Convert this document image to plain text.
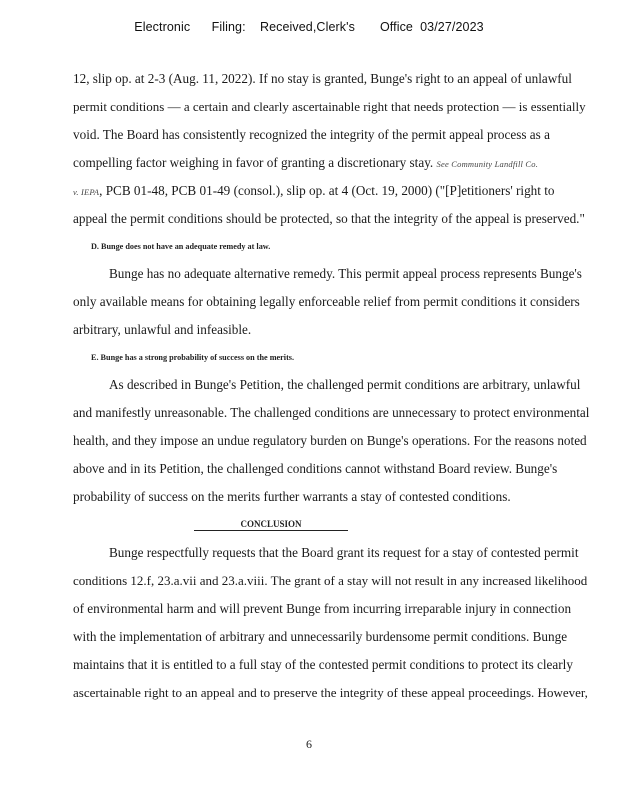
Electronic      Filing:    Received,Clerk's       Office  03/27/2023
12, slip op. at 2-3 (Aug. 11, 2022). If no stay is granted, Bunge's right to an appeal of unlawful
permit conditions — a certain and clearly ascertainable right that needs protection — is essentially
void. The Board has consistently recognized the integrity of the permit appeal process as a
compelling factor weighing in favor of granting a discretionary stay. See Community Landfill Co.
v. IEPA, PCB 01-48, PCB 01-49 (consol.), slip op. at 4 (Oct. 19, 2000) ("[P]etitioners' right to
appeal the permit conditions should be protected, so that the integrity of the appeal is preserved."
D. Bunge does not have an adequate remedy at law.
Bunge has no adequate alternative remedy. This permit appeal process represents Bunge's
only available means for obtaining legally enforceable relief from permit conditions it considers
arbitrary, unlawful and infeasible.
E. Bunge has a strong probability of success on the merits.
As described in Bunge's Petition, the challenged permit conditions are arbitrary, unlawful
and manifestly unreasonable. The challenged conditions are unnecessary to protect environmental
health, and they impose an undue regulatory burden on Bunge's operations. For the reasons noted
above and in its Petition, the challenged conditions cannot withstand Board review. Bunge's
probability of success on the merits further warrants a stay of contested conditions.
Bunge respectfully requests that the Board grant its request for a stay of contested permit
conditions 12.f, 23.a.vii and 23.a.viii. The grant of a stay will not result in any increased likelihood
of environmental harm and will prevent Bunge from incurring irreparable injury in connection
with the implementation of arbitrary and unnecessarily burdensome permit conditions. Bunge
maintains that it is entitled to a full stay of the contested permit conditions to protect its clearly
ascertainable right to an appeal and to preserve the integrity of these appeal proceedings. However,
CONCLUSION
6
